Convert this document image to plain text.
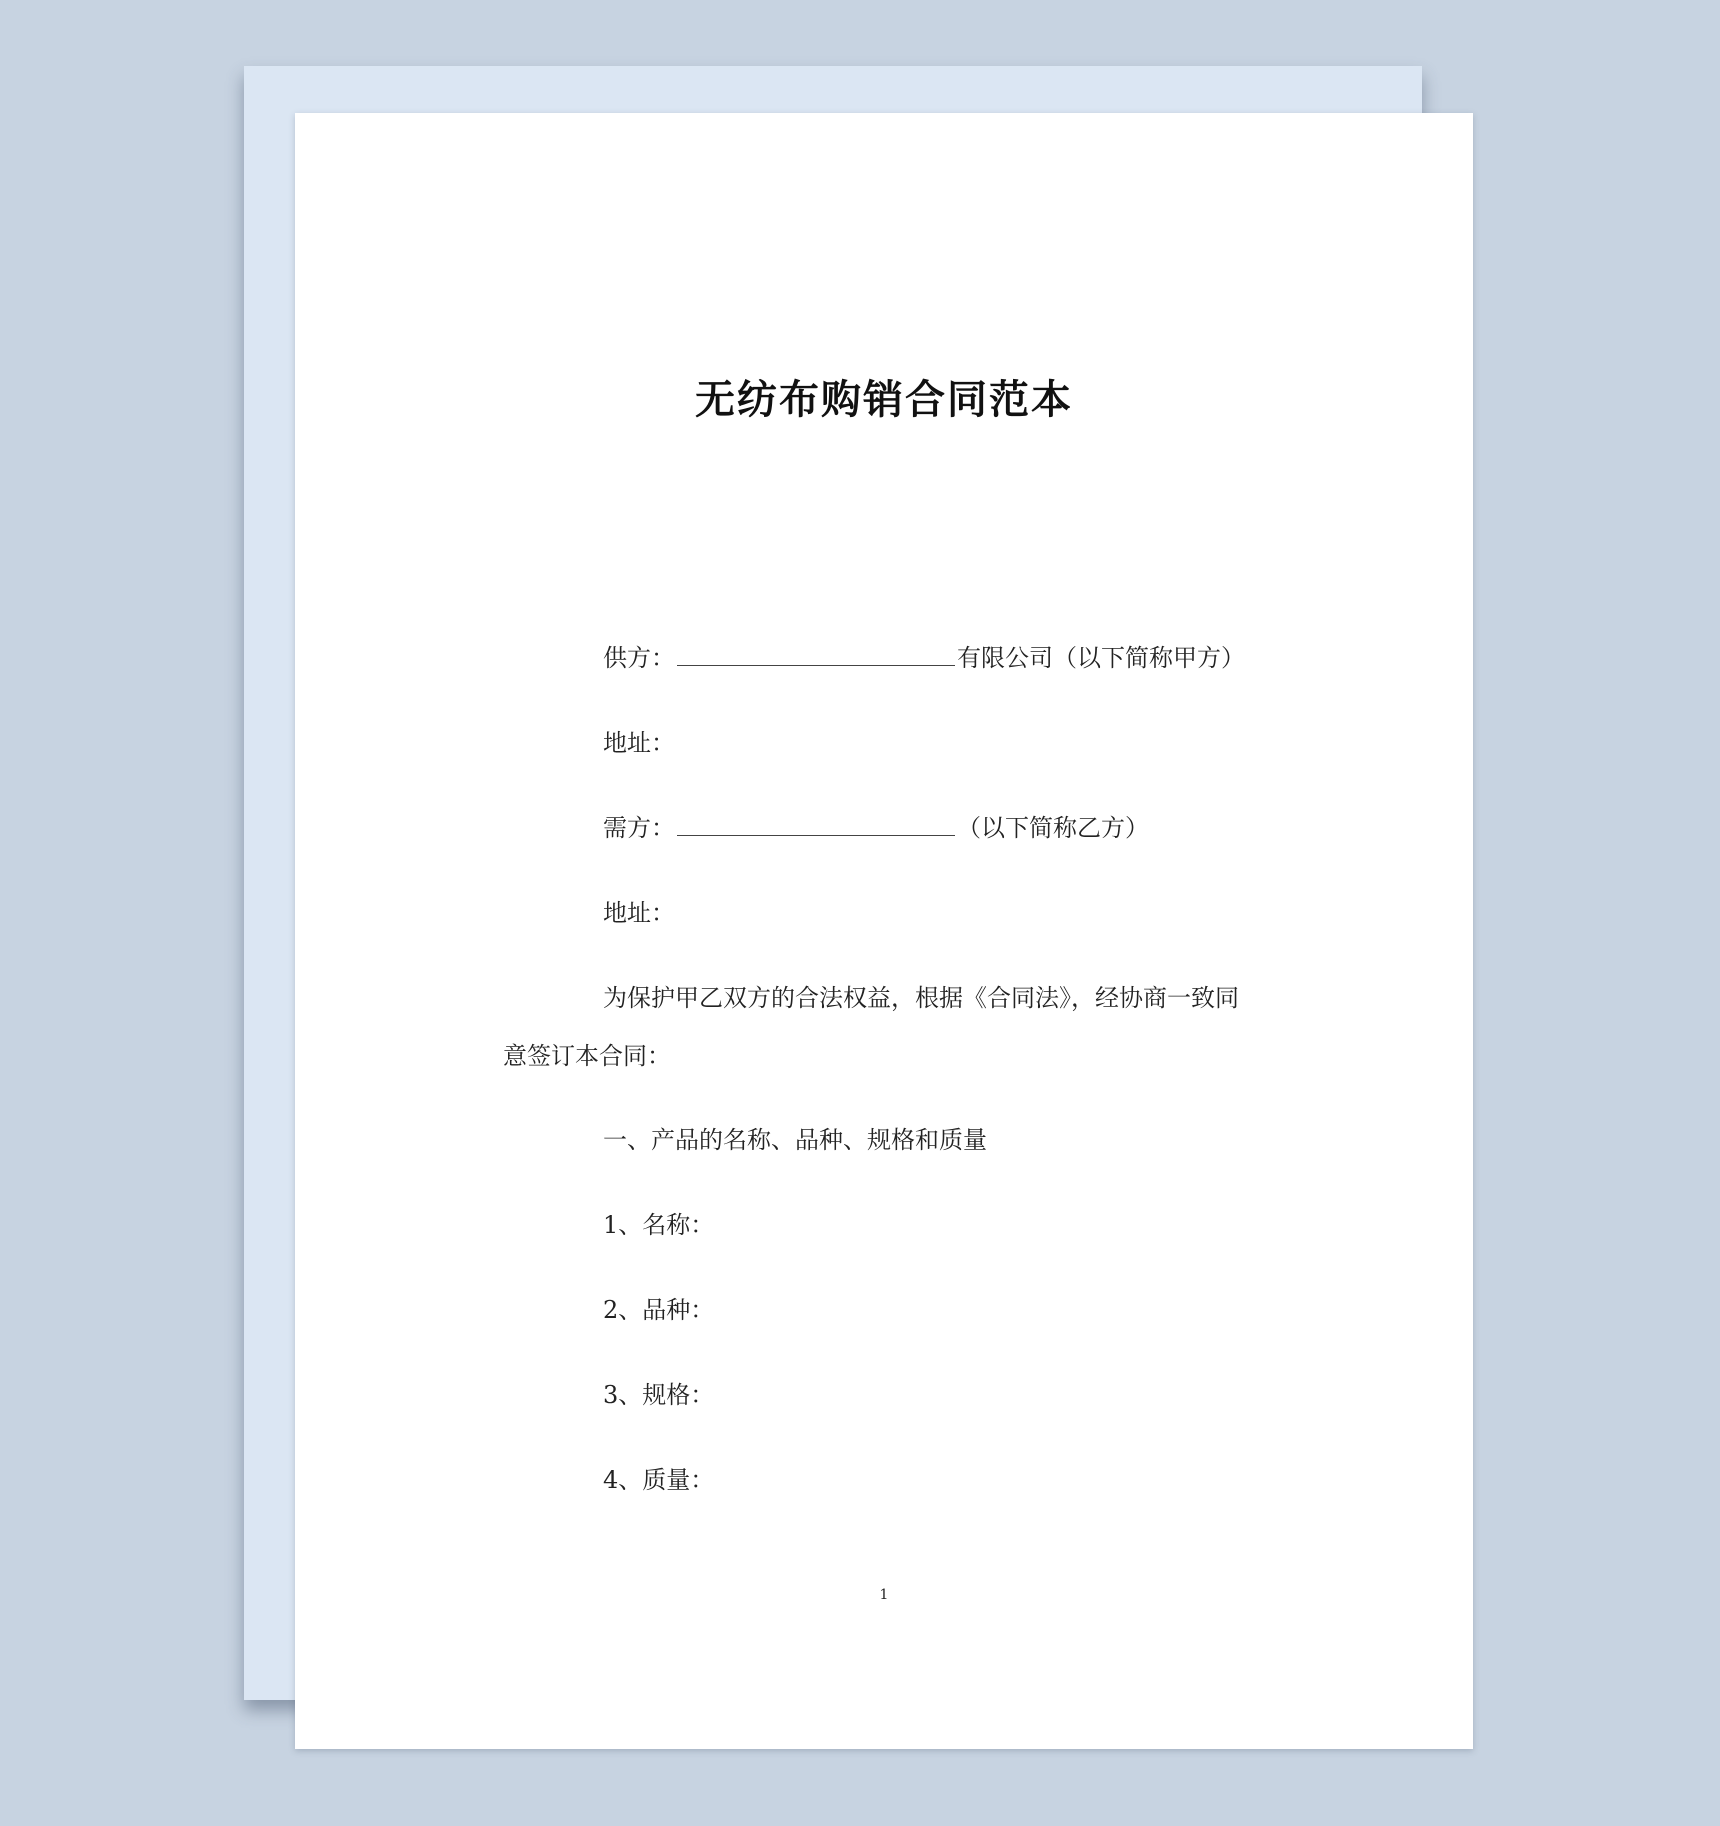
无纺布购销合同范本
供方：	有限公司（以下简称甲方）
地址：
需方：	（以下简称乙方）
地址：
为保护甲乙双方的合法权益，根据《合同法》，经协商一致同
意签订本合同：
一、产品的名称、品种、规格和质量
1、名称：
2、品种：
3、规格：
4、质量：
1
